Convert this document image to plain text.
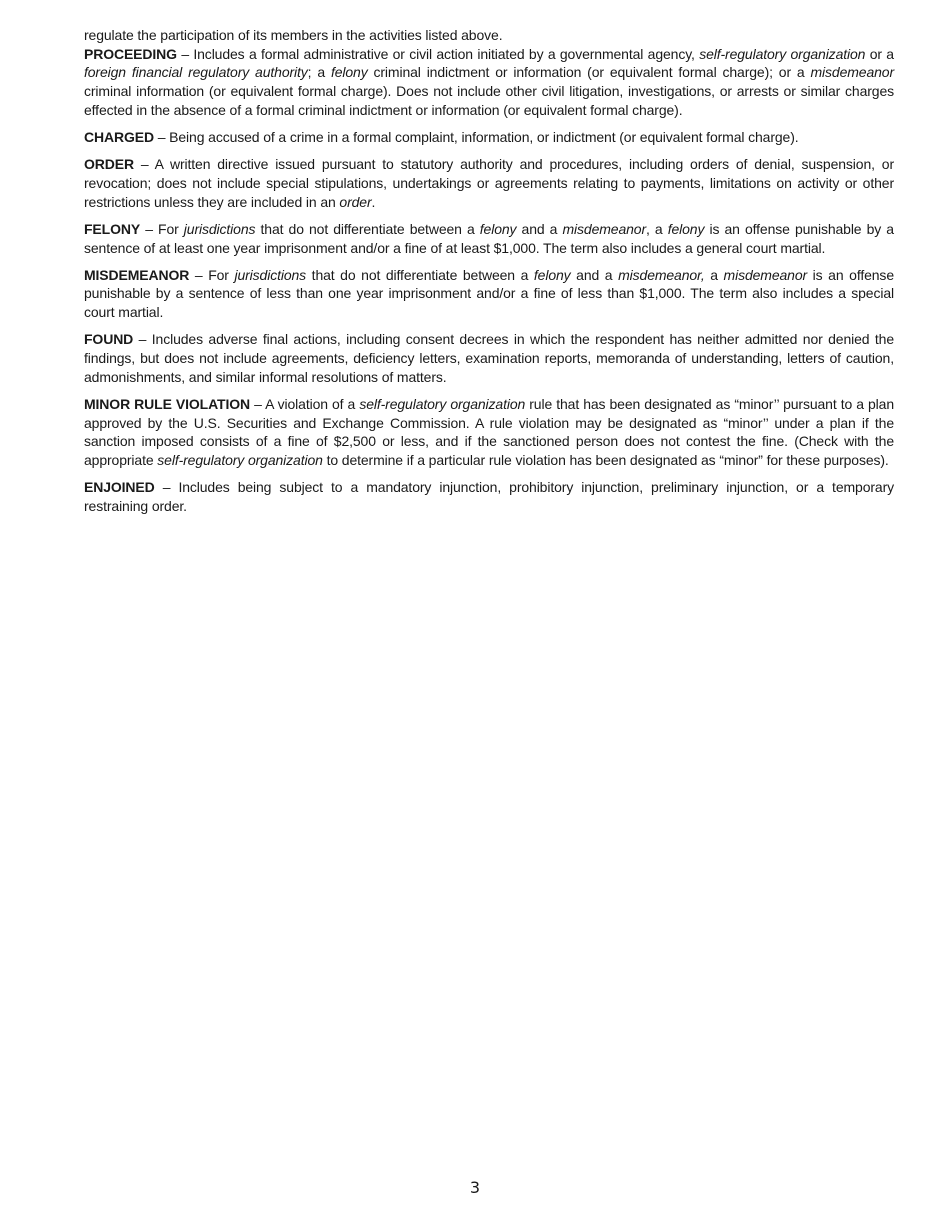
regulate the participation of its members in the activities listed above.

PROCEEDING – Includes a formal administrative or civil action initiated by a governmental agency, self-regulatory organization or a foreign financial regulatory authority; a felony criminal indictment or information (or equivalent formal charge); or a misdemeanor criminal information (or equivalent formal charge). Does not include other civil litigation, investigations, or arrests or similar charges effected in the absence of a formal criminal indictment or information (or equivalent formal charge).

CHARGED – Being accused of a crime in a formal complaint, information, or indictment (or equivalent formal charge).

ORDER – A written directive issued pursuant to statutory authority and procedures, including orders of denial, suspension, or revocation; does not include special stipulations, undertakings or agreements relating to payments, limitations on activity or other restrictions unless they are included in an order.

FELONY – For jurisdictions that do not differentiate between a felony and a misdemeanor, a felony is an offense punishable by a sentence of at least one year imprisonment and/or a fine of at least $1,000. The term also includes a general court martial.

MISDEMEANOR – For jurisdictions that do not differentiate between a felony and a misdemeanor, a misdemeanor is an offense punishable by a sentence of less than one year imprisonment and/or a fine of less than $1,000. The term also includes a special court martial.

FOUND – Includes adverse final actions, including consent decrees in which the respondent has neither admitted nor denied the findings, but does not include agreements, deficiency letters, examination reports, memoranda of understanding, letters of caution, admonishments, and similar informal resolutions of matters.

MINOR RULE VIOLATION – A violation of a self-regulatory organization rule that has been designated as “minor’’ pursuant to a plan approved by the U.S. Securities and Exchange Commission. A rule violation may be designated as “minor’’ under a plan if the sanction imposed consists of a fine of $2,500 or less, and if the sanctioned person does not contest the fine. (Check with the appropriate self-regulatory organization to determine if a particular rule violation has been designated as “minor” for these purposes).

ENJOINED – Includes being subject to a mandatory injunction, prohibitory injunction, preliminary injunction, or a temporary restraining order.

3
